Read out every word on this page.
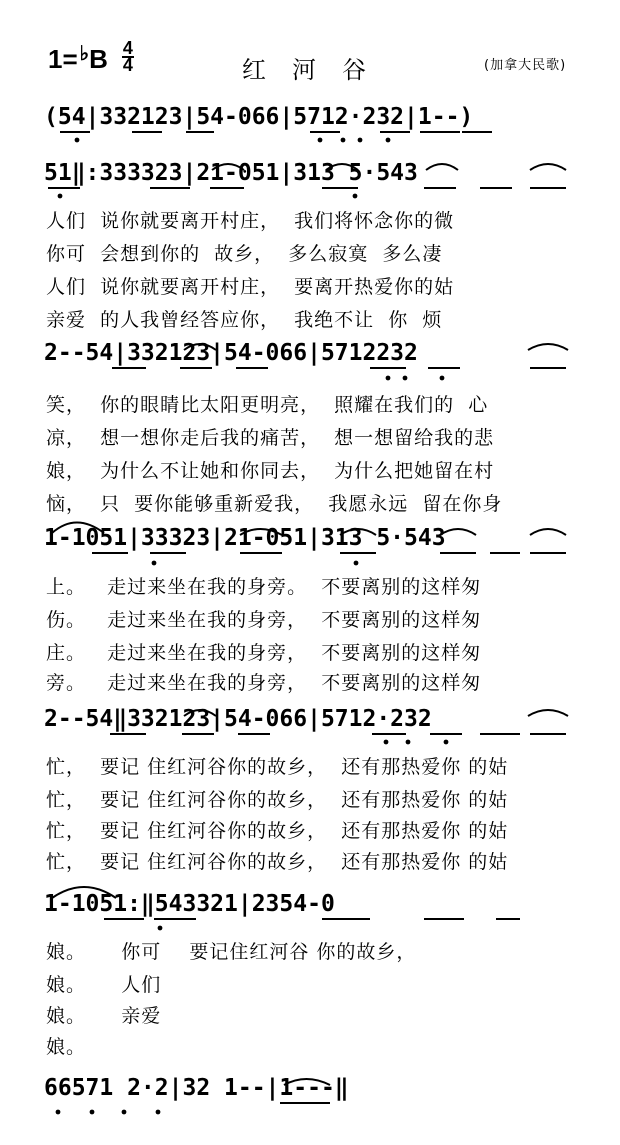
$1= ^♭B \frac{4}{4}$	红河谷	(加拿大民歌)
(54|332123|54-066|5712·232|1--)
51‖:333323|21-051|313 5·543
人们  说你就要离开村庄，  我们将怀念你的微
你可  会想到你的  故乡，  多么寂寞  多么凄
人们  说你就要离开村庄，  要离开热爱你的姑
亲爱  的人我曾经答应你，  我绝不让  你  烦
2--54|332123|54-066|5712232
笑，  你的眼睛比太阳更明亮，  照耀在我们的  心
凉，  想一想你走后我的痛苦，  想一想留给我的悲
娘，  为什么不让她和你同去，  为什么把她留在村
恼，  只  要你能够重新爱我，  我愿永远  留在你身
1-1051|33323|21-051|313 5·543
上。   走过来坐在我的身旁。  不要离别的这样匆
伤。   走过来坐在我的身旁，  不要离别的这样匆
庄。   走过来坐在我的身旁，  不要离别的这样匆
旁。   走过来坐在我的身旁，  不要离别的这样匆
2--54‖332123|54-066|5712·232
忙，  要记 住红河谷你的故乡，  还有那热爱你 的姑
忙，  要记 住红河谷你的故乡，  还有那热爱你 的姑
忙，  要记 住红河谷你的故乡，  还有那热爱你 的姑
忙，  要记 住红河谷你的故乡，  还有那热爱你 的姑
1-1051:‖543321|2354-0
娘。     你可    要记住红河谷 你的故乡，
娘。     人们
娘。     亲爱
娘。
66571 2·2|32 1--|1---‖
